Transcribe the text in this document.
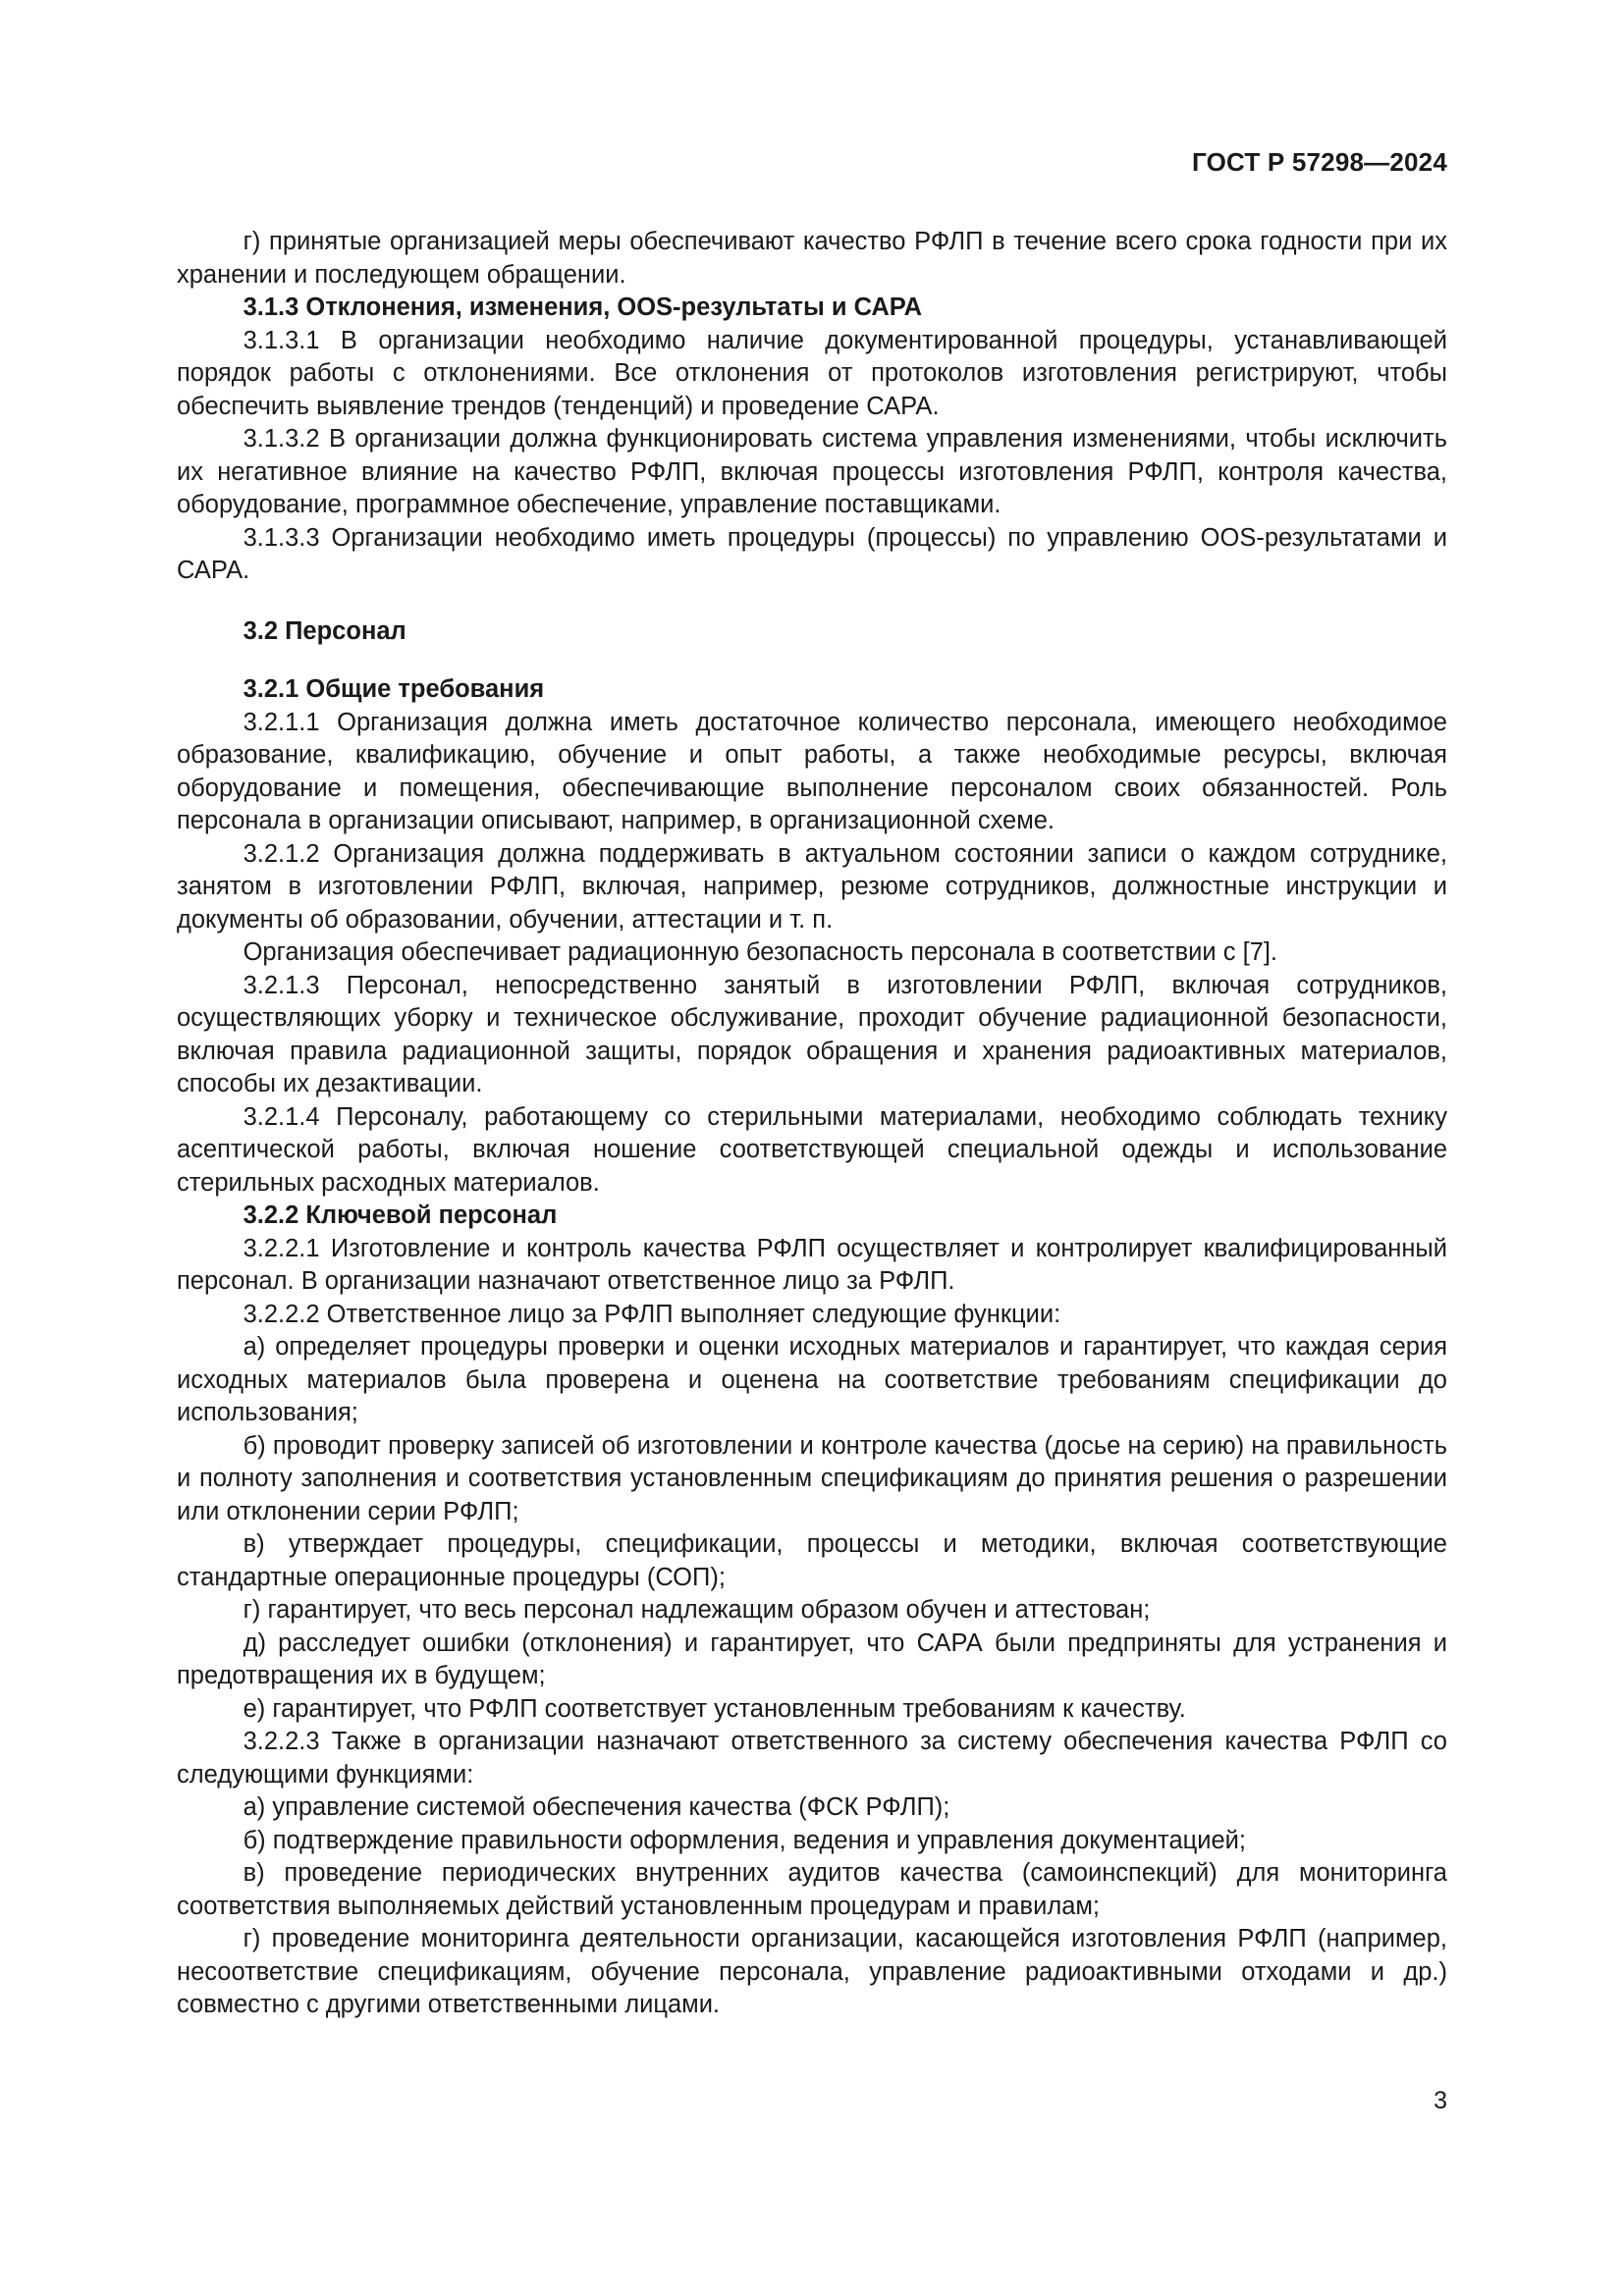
ГОСТ Р 57298—2024

г) принятые организацией меры обеспечивают качество РФЛП в течение всего срока годности при их хранении и последующем обращении.

3.1.3 Отклонения, изменения, OOS-результаты и САРА

3.1.3.1 В организации необходимо наличие документированной процедуры, устанавливающей порядок работы с отклонениями. Все отклонения от протоколов изготовления регистрируют, чтобы обеспечить выявление трендов (тенденций) и проведение САРА.

3.1.3.2 В организации должна функционировать система управления изменениями, чтобы исключить их негативное влияние на качество РФЛП, включая процессы изготовления РФЛП, контроля качества, оборудование, программное обеспечение, управление поставщиками.

3.1.3.3 Организации необходимо иметь процедуры (процессы) по управлению OOS-результатами и САРА.

3.2 Персонал

3.2.1 Общие требования

3.2.1.1 Организация должна иметь достаточное количество персонала, имеющего необходимое образование, квалификацию, обучение и опыт работы, а также необходимые ресурсы, включая оборудование и помещения, обеспечивающие выполнение персоналом своих обязанностей. Роль персонала в организации описывают, например, в организационной схеме.

3.2.1.2 Организация должна поддерживать в актуальном состоянии записи о каждом сотруднике, занятом в изготовлении РФЛП, включая, например, резюме сотрудников, должностные инструкции и документы об образовании, обучении, аттестации и т. п.

Организация обеспечивает радиационную безопасность персонала в соответствии с [7].

3.2.1.3 Персонал, непосредственно занятый в изготовлении РФЛП, включая сотрудников, осуществляющих уборку и техническое обслуживание, проходит обучение радиационной безопасности, включая правила радиационной защиты, порядок обращения и хранения радиоактивных материалов, способы их дезактивации.

3.2.1.4 Персоналу, работающему со стерильными материалами, необходимо соблюдать технику асептической работы, включая ношение соответствующей специальной одежды и использование стерильных расходных материалов.

3.2.2 Ключевой персонал

3.2.2.1 Изготовление и контроль качества РФЛП осуществляет и контролирует квалифицированный персонал. В организации назначают ответственное лицо за РФЛП.

3.2.2.2 Ответственное лицо за РФЛП выполняет следующие функции:

а) определяет процедуры проверки и оценки исходных материалов и гарантирует, что каждая серия исходных материалов была проверена и оценена на соответствие требованиям спецификации до использования;

б) проводит проверку записей об изготовлении и контроле качества (досье на серию) на правильность и полноту заполнения и соответствия установленным спецификациям до принятия решения о разрешении или отклонении серии РФЛП;

в) утверждает процедуры, спецификации, процессы и методики, включая соответствующие стандартные операционные процедуры (СОП);

г) гарантирует, что весь персонал надлежащим образом обучен и аттестован;

д) расследует ошибки (отклонения) и гарантирует, что САРА были предприняты для устранения и предотвращения их в будущем;

е) гарантирует, что РФЛП соответствует установленным требованиям к качеству.

3.2.2.3 Также в организации назначают ответственного за систему обеспечения качества РФЛП со следующими функциями:

а) управление системой обеспечения качества (ФСК РФЛП);

б) подтверждение правильности оформления, ведения и управления документацией;

в) проведение периодических внутренних аудитов качества (самоинспекций) для мониторинга соответствия выполняемых действий установленным процедурам и правилам;

г) проведение мониторинга деятельности организации, касающейся изготовления РФЛП (например, несоответствие спецификациям, обучение персонала, управление радиоактивными отходами и др.) совместно с другими ответственными лицами.

3
